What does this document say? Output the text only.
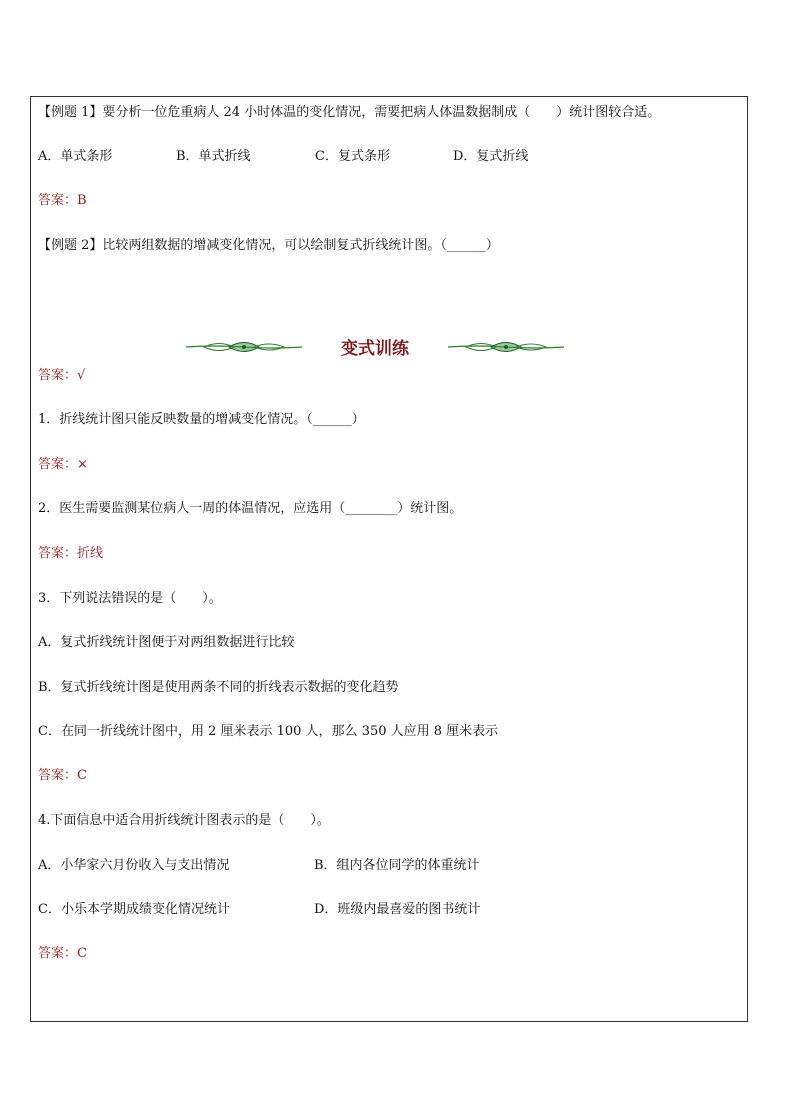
【例题 1】要分析一位危重病人 24 小时体温的变化情况，需要把病人体温数据制成（　　）统计图较合适。
A．单式条形	B．单式折线	C．复式条形	D．复式折线
答案：B
【例题 2】比较两组数据的增减变化情况，可以绘制复式折线统计图。（______）
变式训练
答案：√
1．折线统计图只能反映数量的增减变化情况。（______）
答案：×
2．医生需要监测某位病人一周的体温情况，应选用（________）统计图。
答案：折线
3．下列说法错误的是（　　）。
A．复式折线统计图便于对两组数据进行比较
B．复式折线统计图是使用两条不同的折线表示数据的变化趋势
C．在同一折线统计图中，用 2 厘米表示 100 人，那么 350 人应用 8 厘米表示
答案：C
4.下面信息中适合用折线统计图表示的是（　　）。
A．小华家六月份收入与支出情况	B．组内各位同学的体重统计
C．小乐本学期成绩变化情况统计	D．班级内最喜爱的图书统计
答案：C
